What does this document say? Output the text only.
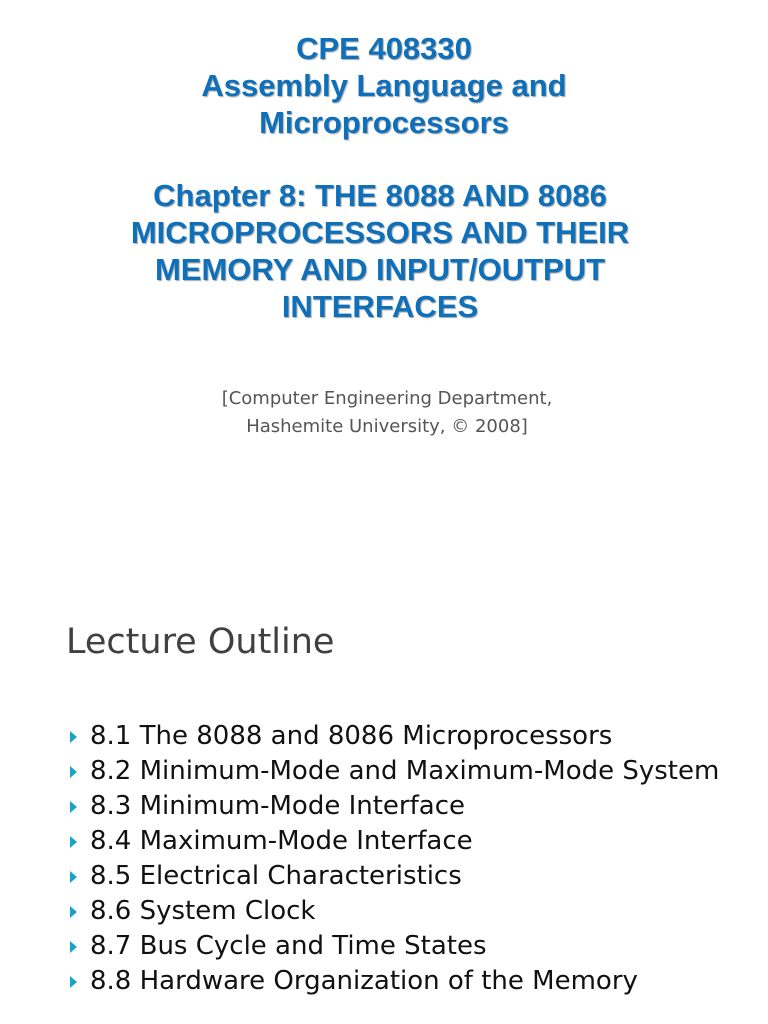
CPE 408330
Assembly Language and
Microprocessors
Chapter 8: THE 8088 AND 8086
MICROPROCESSORS AND THEIR
MEMORY AND INPUT/OUTPUT
INTERFACES

[Computer Engineering Department,
Hashemite University, © 2008]

Lecture Outline
8.1 The 8088 and 8086 Microprocessors
8.2 Minimum-Mode and Maximum-Mode System
8.3 Minimum-Mode Interface
8.4 Maximum-Mode Interface
8.5 Electrical Characteristics
8.6 System Clock
8.7 Bus Cycle and Time States
8.8 Hardware Organization of the Memory
